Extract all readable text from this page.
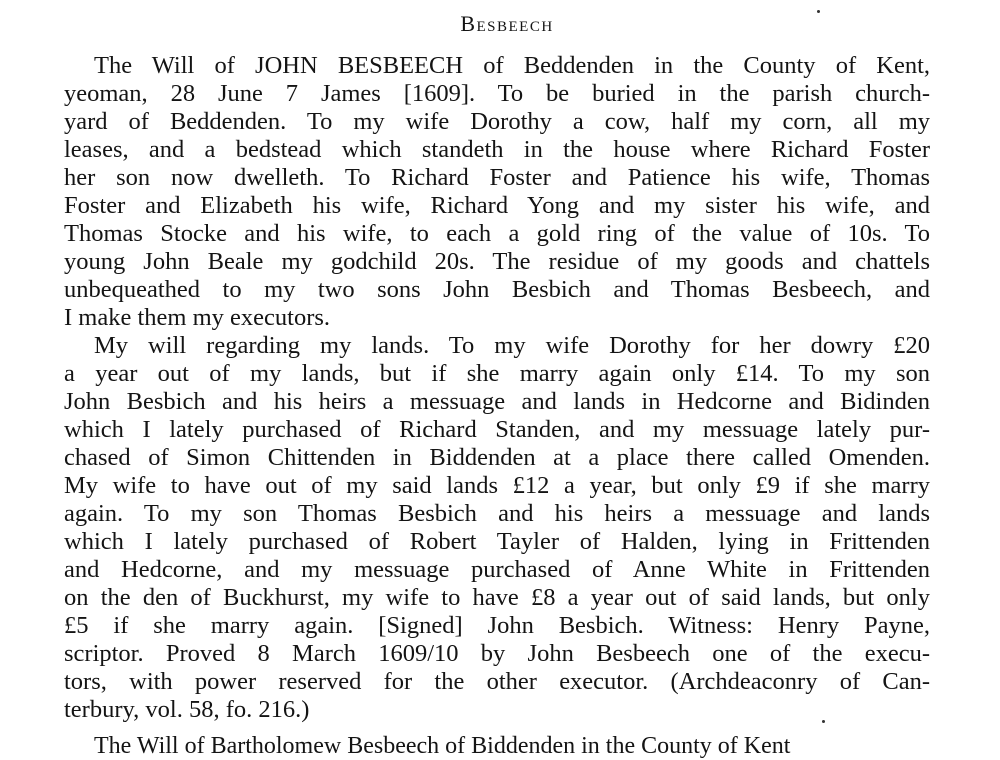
Besbeech
The Will of JOHN BESBEECH of Beddenden in the County of Kent,
yeoman, 28 June 7 James [1609]. To be buried in the parish church-
yard of Beddenden. To my wife Dorothy a cow, half my corn, all my
leases, and a bedstead which standeth in the house where Richard Foster
her son now dwelleth. To Richard Foster and Patience his wife, Thomas
Foster and Elizabeth his wife, Richard Yong and my sister his wife, and
Thomas Stocke and his wife, to each a gold ring of the value of 10s. To
young John Beale my godchild 20s. The residue of my goods and chattels
unbequeathed to my two sons John Besbich and Thomas Besbeech, and
I make them my executors.
My will regarding my lands. To my wife Dorothy for her dowry £20
a year out of my lands, but if she marry again only £14. To my son
John Besbich and his heirs a messuage and lands in Hedcorne and Bidinden
which I lately purchased of Richard Standen, and my messuage lately pur-
chased of Simon Chittenden in Biddenden at a place there called Omenden.
My wife to have out of my said lands £12 a year, but only £9 if she marry
again. To my son Thomas Besbich and his heirs a messuage and lands
which I lately purchased of Robert Tayler of Halden, lying in Frittenden
and Hedcorne, and my messuage purchased of Anne White in Frittenden
on the den of Buckhurst, my wife to have £8 a year out of said lands, but only
£5 if she marry again. [Signed] John Besbich. Witness: Henry Payne,
scriptor. Proved 8 March 1609/10 by John Besbeech one of the execu-
tors, with power reserved for the other executor. (Archdeaconry of Can-
terbury, vol. 58, fo. 216.)
The Will of Bartholomew Besbeech of Biddenden in the County of Kent
